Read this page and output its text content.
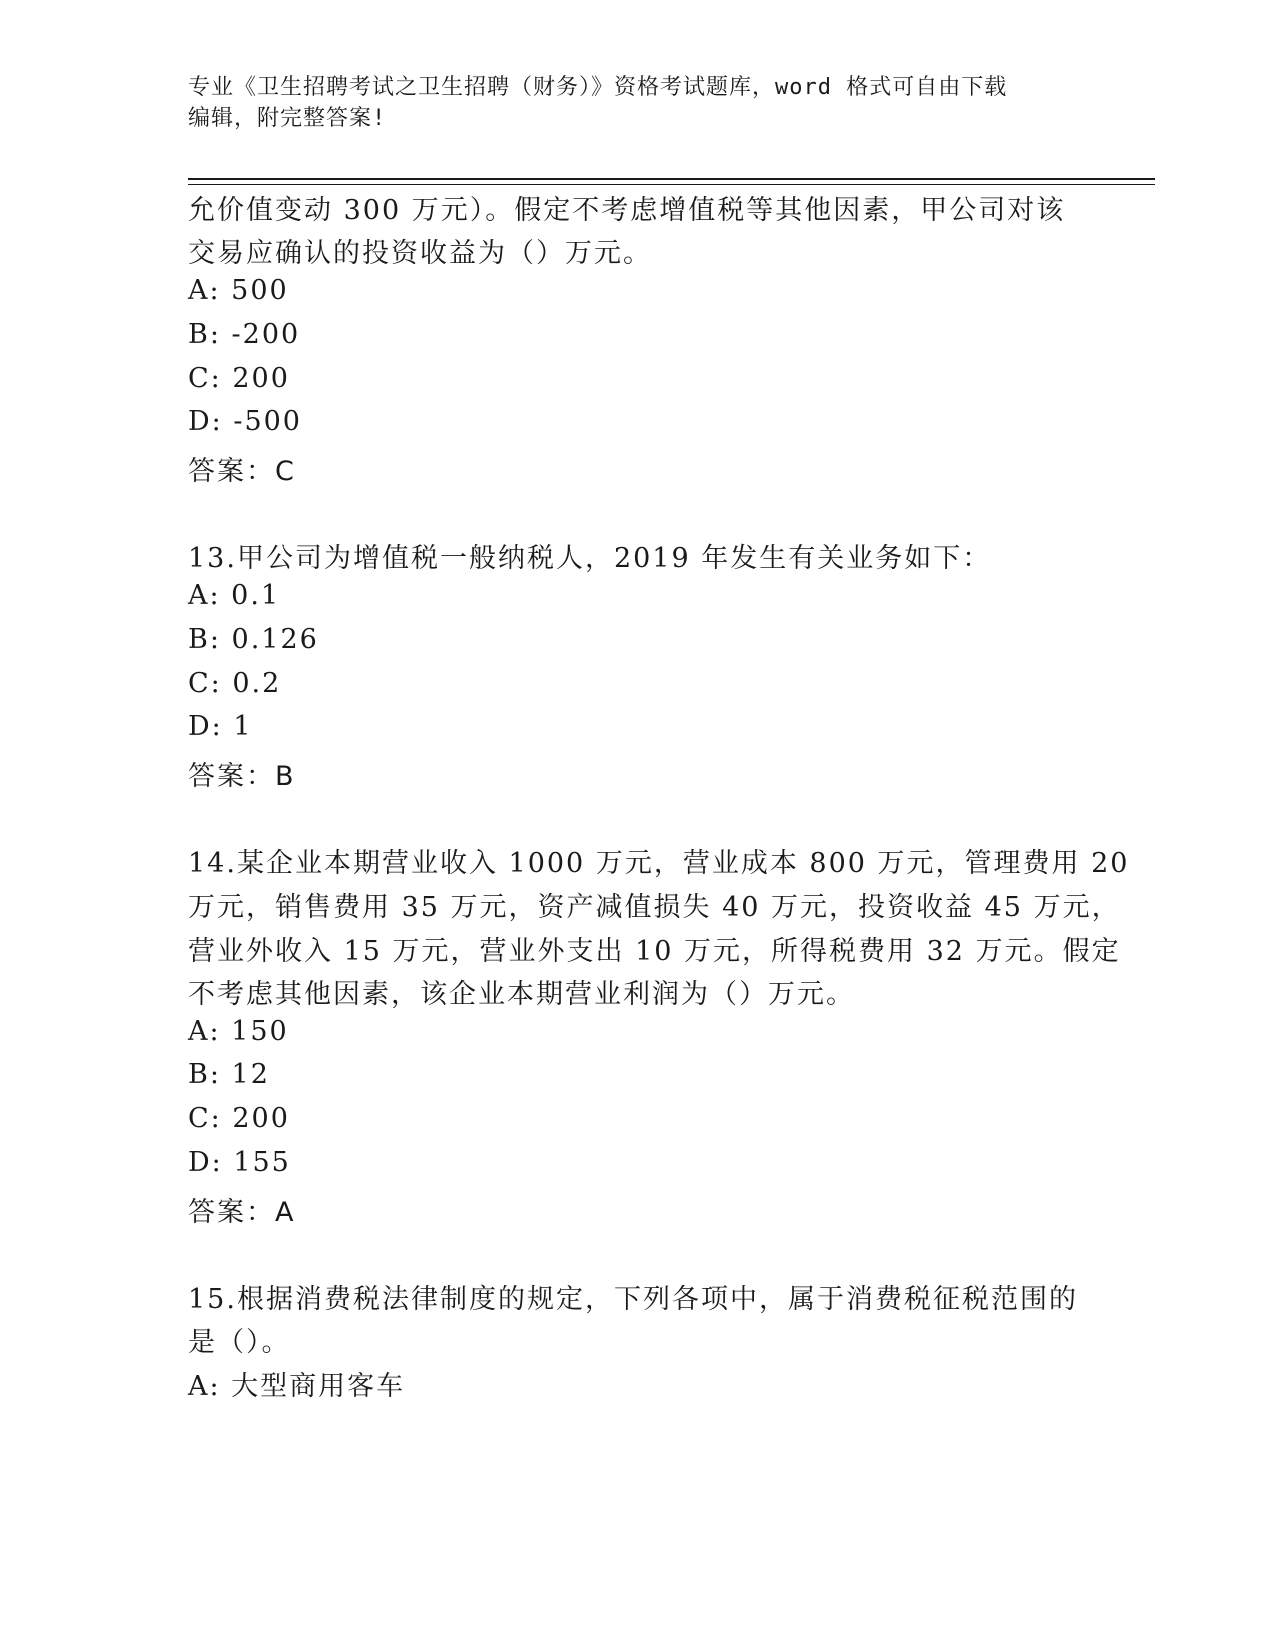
专业《卫生招聘考试之卫生招聘（财务）》资格考试题库，word 格式可自由下载
编辑，附完整答案!
允价值变动 300 万元）。假定不考虑增值税等其他因素，甲公司对该
交易应确认的投资收益为（）万元。
A: 500
B: -200
C: 200
D: -500
答案：C
13.甲公司为增值税一般纳税人，2019 年发生有关业务如下：
A: 0.1
B: 0.126
C: 0.2
D: 1
答案：B
14.某企业本期营业收入 1000 万元，营业成本 800 万元，管理费用 20
万元，销售费用 35 万元，资产减值损失 40 万元，投资收益 45 万元，
营业外收入 15 万元，营业外支出 10 万元，所得税费用 32 万元。假定
不考虑其他因素，该企业本期营业利润为（）万元。
A: 150
B: 12
C: 200
D: 155
答案：A
15.根据消费税法律制度的规定，下列各项中，属于消费税征税范围的
是（）。
A: 大型商用客车
